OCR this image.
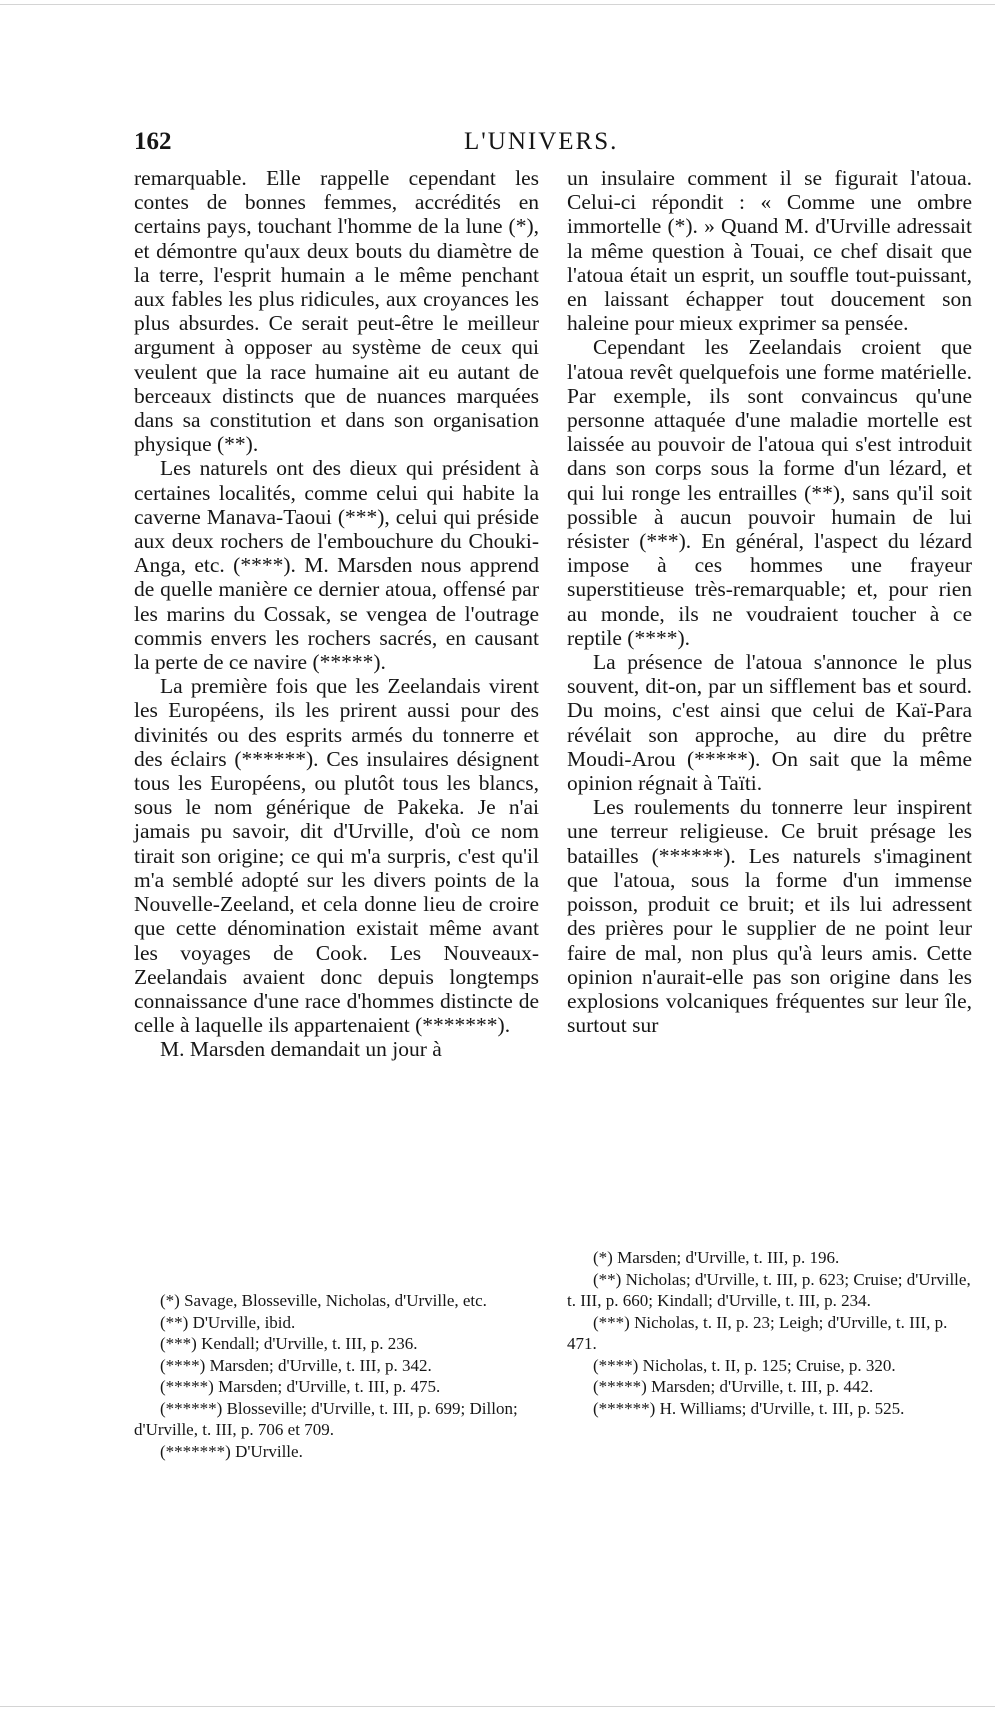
162	L'UNIVERS.

remarquable. Elle rappelle cependant les contes de bonnes femmes, accrédités en certains pays, touchant l'homme de la lune (*), et démontre qu'aux deux bouts du diamètre de la terre, l'esprit humain a le même penchant aux fables les plus ridicules, aux croyances les plus absurdes. Ce serait peut-être le meilleur argument à opposer au système de ceux qui veulent que la race humaine ait eu autant de berceaux distincts que de nuances marquées dans sa constitution et dans son organisation physique (**).

Les naturels ont des dieux qui président à certaines localités, comme celui qui habite la caverne Manava-Taoui (***), celui qui préside aux deux rochers de l'embouchure du Chouki-Anga, etc. (****). M. Marsden nous apprend de quelle manière ce dernier atoua, offensé par les marins du Cossak, se vengea de l'outrage commis envers les rochers sacrés, en causant la perte de ce navire (*****).

La première fois que les Zeelandais virent les Européens, ils les prirent aussi pour des divinités ou des esprits armés du tonnerre et des éclairs (******). Ces insulaires désignent tous les Européens, ou plutôt tous les blancs, sous le nom générique de Pakeka. Je n'ai jamais pu savoir, dit d'Urville, d'où ce nom tirait son origine; ce qui m'a surpris, c'est qu'il m'a semblé adopté sur les divers points de la Nouvelle-Zeeland, et cela donne lieu de croire que cette dénomination existait même avant les voyages de Cook. Les Nouveaux-Zeelandais avaient donc depuis longtemps connaissance d'une race d'hommes distincte de celle à laquelle ils appartenaient (*******).

M. Marsden demandait un jour à

un insulaire comment il se figurait l'atoua. Celui-ci répondit : « Comme une ombre immortelle (*). » Quand M. d'Urville adressait la même question à Touai, ce chef disait que l'atoua était un esprit, un souffle tout-puissant, en laissant échapper tout doucement son haleine pour mieux exprimer sa pensée.

Cependant les Zeelandais croient que l'atoua revêt quelquefois une forme matérielle. Par exemple, ils sont convaincus qu'une personne attaquée d'une maladie mortelle est laissée au pouvoir de l'atoua qui s'est introduit dans son corps sous la forme d'un lézard, et qui lui ronge les entrailles (**), sans qu'il soit possible à aucun pouvoir humain de lui résister (***). En général, l'aspect du lézard impose à ces hommes une frayeur superstitieuse très-remarquable; et, pour rien au monde, ils ne voudraient toucher à ce reptile (****).

La présence de l'atoua s'annonce le plus souvent, dit-on, par un sifflement bas et sourd. Du moins, c'est ainsi que celui de Kaï-Para révélait son approche, au dire du prêtre Moudi-Arou (*****). On sait que la même opinion régnait à Taïti.

Les roulements du tonnerre leur inspirent une terreur religieuse. Ce bruit présage les batailles (******). Les naturels s'imaginent que l'atoua, sous la forme d'un immense poisson, produit ce bruit; et ils lui adressent des prières pour le supplier de ne point leur faire de mal, non plus qu'à leurs amis. Cette opinion n'aurait-elle pas son origine dans les explosions volcaniques fréquentes sur leur île, surtout sur

(*) Savage, Blosseville, Nicholas, d'Urville, etc.

(**) D'Urville, ibid.

(***) Kendall; d'Urville, t. III, p. 236.

(****) Marsden; d'Urville, t. III, p. 342.

(*****) Marsden; d'Urville, t. III, p. 475.

(******) Blosseville; d'Urville, t. III, p. 699; Dillon; d'Urville, t. III, p. 706 et 709.

(*******) D'Urville.

(*) Marsden; d'Urville, t. III, p. 196.

(**) Nicholas; d'Urville, t. III, p. 623; Cruise; d'Urville, t. III, p. 660; Kindall; d'Urville, t. III, p. 234.

(***) Nicholas, t. II, p. 23; Leigh; d'Urville, t. III, p. 471.

(****) Nicholas, t. II, p. 125; Cruise, p. 320.

(*****) Marsden; d'Urville, t. III, p. 442.

(******) H. Williams; d'Urville, t. III, p. 525.
